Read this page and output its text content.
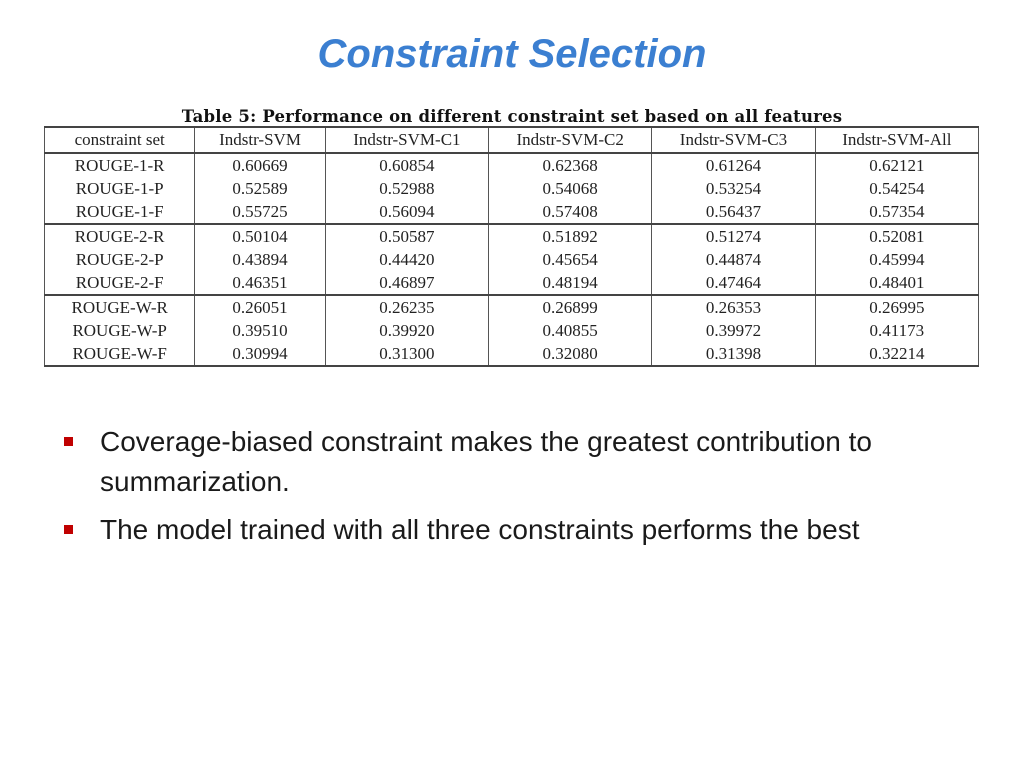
Constraint Selection
Table 5: Performance on different constraint set based on all features
constraint set	Indstr-SVM	Indstr-SVM-C1	Indstr-SVM-C2	Indstr-SVM-C3	Indstr-SVM-All
ROUGE-1-R	0.60669	0.60854	0.62368	0.61264	0.62121
ROUGE-1-P	0.52589	0.52988	0.54068	0.53254	0.54254
ROUGE-1-F	0.55725	0.56094	0.57408	0.56437	0.57354
ROUGE-2-R	0.50104	0.50587	0.51892	0.51274	0.52081
ROUGE-2-P	0.43894	0.44420	0.45654	0.44874	0.45994
ROUGE-2-F	0.46351	0.46897	0.48194	0.47464	0.48401
ROUGE-W-R	0.26051	0.26235	0.26899	0.26353	0.26995
ROUGE-W-P	0.39510	0.39920	0.40855	0.39972	0.41173
ROUGE-W-F	0.30994	0.31300	0.32080	0.31398	0.32214
Coverage-biased constraint makes the greatest contribution to summarization.
The model trained with all three constraints performs the best
